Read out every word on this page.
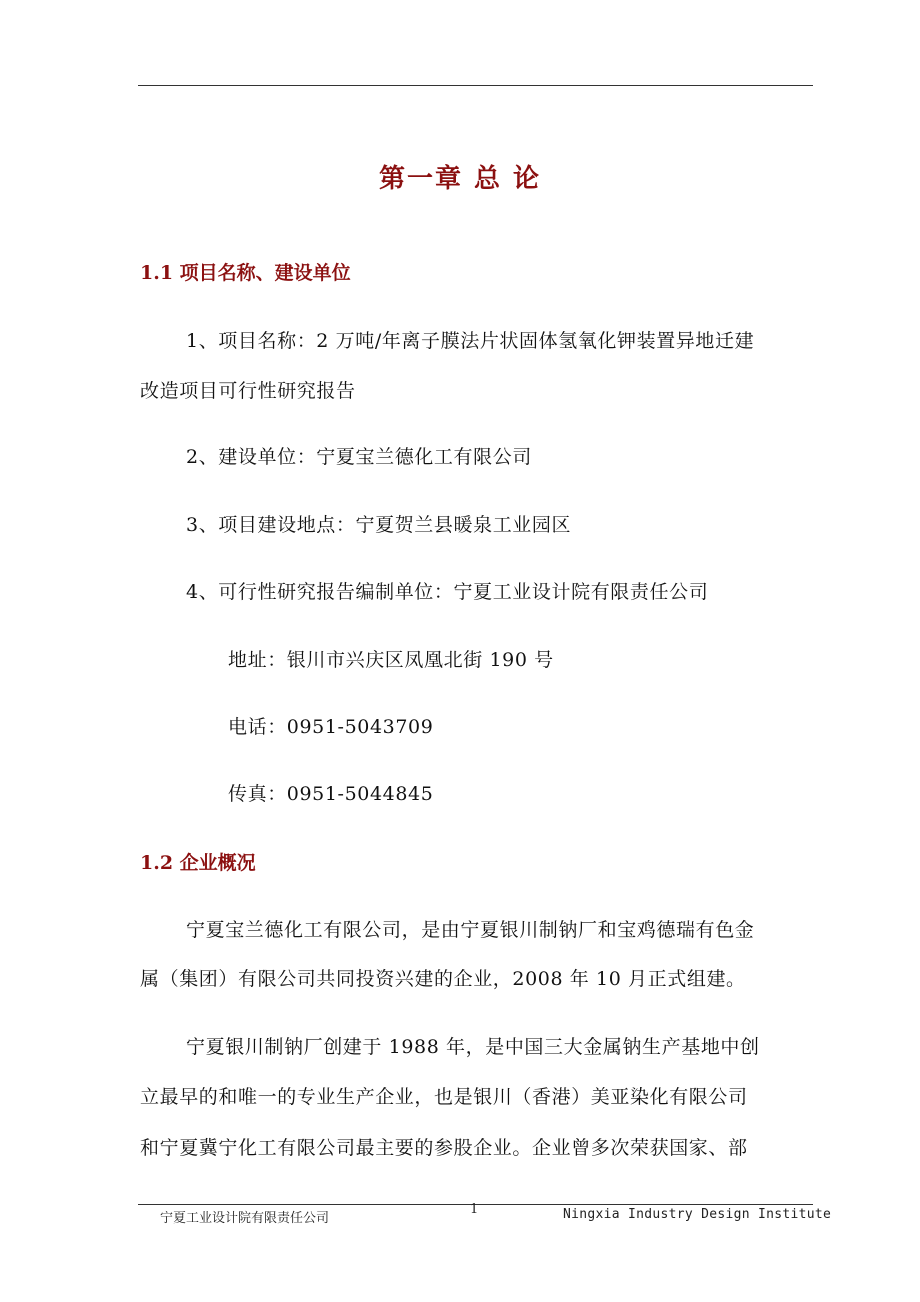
第一章 总 论
1.1 项目名称、建设单位
1、项目名称：2 万吨/年离子膜法片状固体氢氧化钾装置异地迁建
改造项目可行性研究报告
2、建设单位：宁夏宝兰德化工有限公司
3、项目建设地点：宁夏贺兰县暖泉工业园区
4、可行性研究报告编制单位：宁夏工业设计院有限责任公司
地址：银川市兴庆区凤凰北街 190 号
电话：0951-5043709
传真：0951-5044845
1.2 企业概况
宁夏宝兰德化工有限公司，是由宁夏银川制钠厂和宝鸡德瑞有色金
属（集团）有限公司共同投资兴建的企业，2008 年 10 月正式组建。
宁夏银川制钠厂创建于 1988 年，是中国三大金属钠生产基地中创
立最早的和唯一的专业生产企业，也是银川（香港）美亚染化有限公司
和宁夏冀宁化工有限公司最主要的参股企业。企业曾多次荣获国家、部
宁夏工业设计院有限责任公司
1	Ningxia Industry Design Institute
